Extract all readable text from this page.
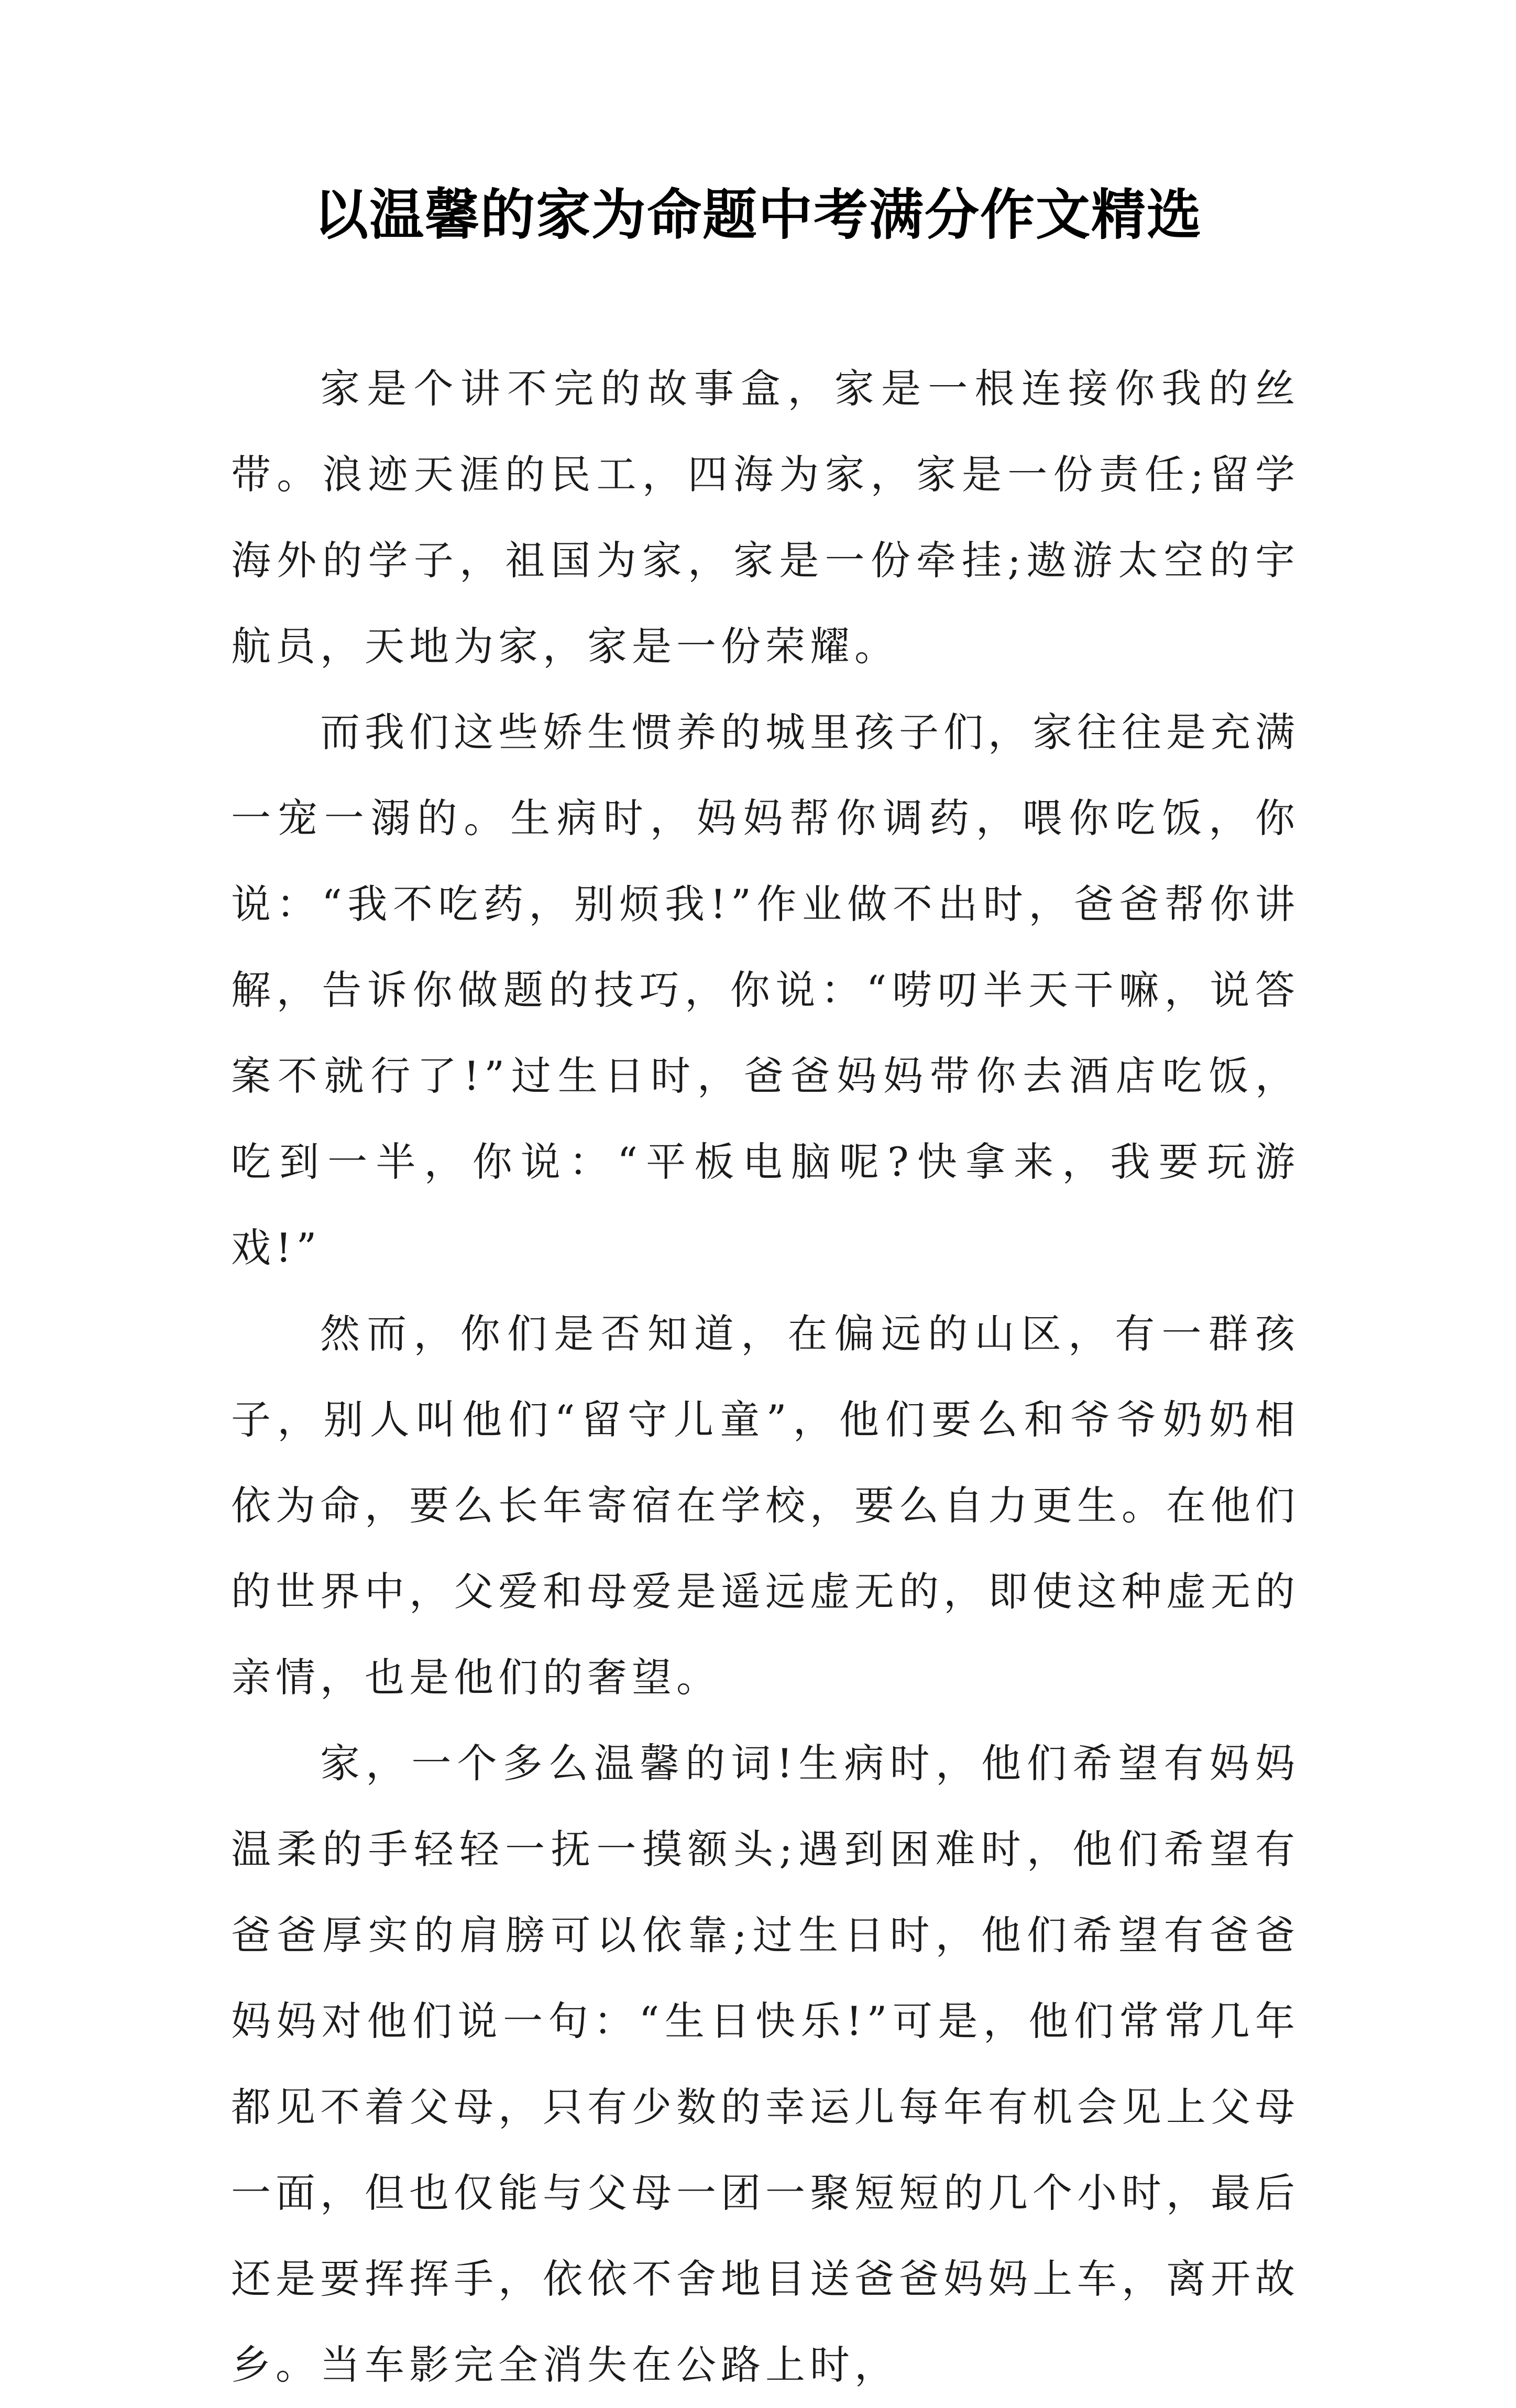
以温馨的家为命题中考满分作文精选

家是个讲不完的故事盒，家是一根连接你我的丝带。浪迹天涯的民工，四海为家，家是一份责任;留学海外的学子，祖国为家，家是一份牵挂;遨游太空的宇航员，天地为家，家是一份荣耀。

而我们这些娇生惯养的城里孩子们，家往往是充满一宠一溺的。生病时，妈妈帮你调药，喂你吃饭，你说：“我不吃药，别烦我!”作业做不出时，爸爸帮你讲解，告诉你做题的技巧，你说：“唠叨半天干嘛，说答案不就行了!”过生日时，爸爸妈妈带你去酒店吃饭，吃到一半，你说：“平板电脑呢?快拿来，我要玩游戏!”

然而，你们是否知道，在偏远的山区，有一群孩子，别人叫他们“留守儿童”，他们要么和爷爷奶奶相依为命，要么长年寄宿在学校，要么自力更生。在他们的世界中，父爱和母爱是遥远虚无的，即使这种虚无的亲情，也是他们的奢望。

家，一个多么温馨的词!生病时，他们希望有妈妈温柔的手轻轻一抚一摸额头;遇到困难时，他们希望有爸爸厚实的肩膀可以依靠;过生日时，他们希望有爸爸妈妈对他们说一句：“生日快乐!”可是，他们常常几年都见不着父母，只有少数的幸运儿每年有机会见上父母一面，但也仅能与父母一团一聚短短的几个小时，最后还是要挥挥手，依依不舍地目送爸爸妈妈上车，离开故乡。当车影完全消失在公路上时，
